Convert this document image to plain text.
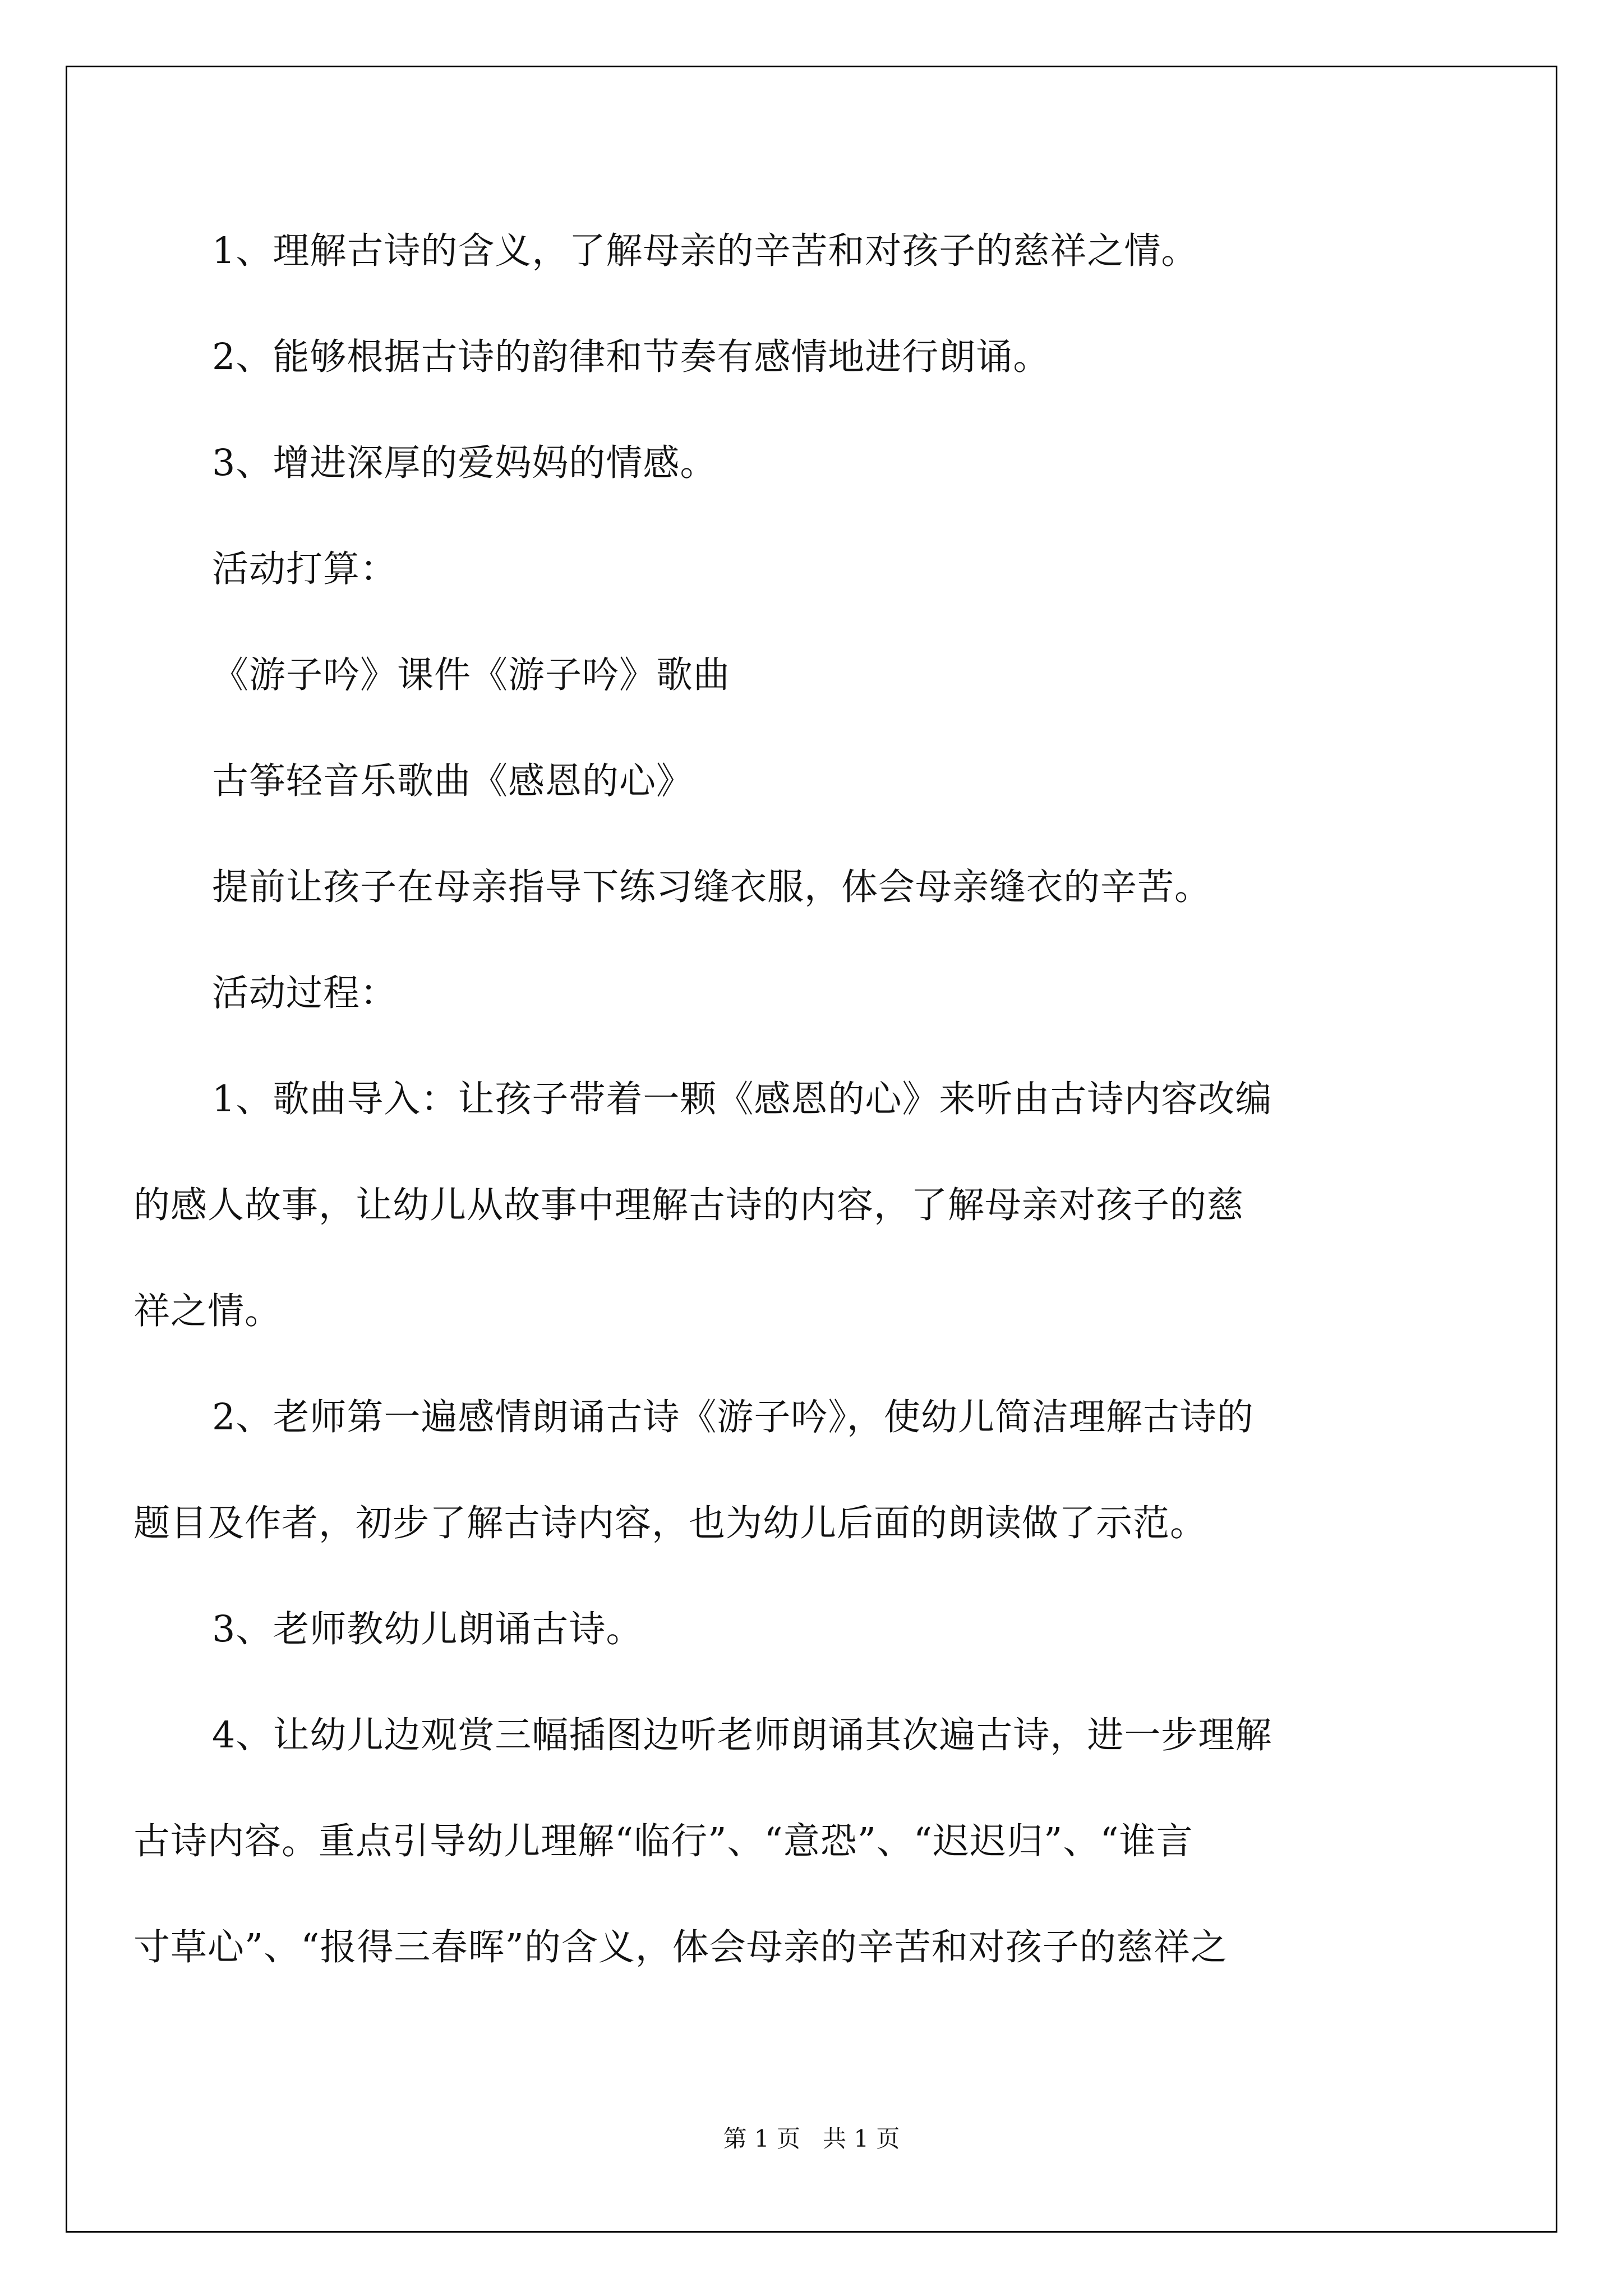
1、理解古诗的含义，了解母亲的辛苦和对孩子的慈祥之情。
2、能够根据古诗的韵律和节奏有感情地进行朗诵。
3、增进深厚的爱妈妈的情感。
活动打算：
《游子吟》课件《游子吟》歌曲
古筝轻音乐歌曲《感恩的心》
提前让孩子在母亲指导下练习缝衣服，体会母亲缝衣的辛苦。
活动过程：
1、歌曲导入：让孩子带着一颗《感恩的心》来听由古诗内容改编
的感人故事，让幼儿从故事中理解古诗的内容，了解母亲对孩子的慈
祥之情。
2、老师第一遍感情朗诵古诗《游子吟》，使幼儿简洁理解古诗的
题目及作者，初步了解古诗内容，也为幼儿后面的朗读做了示范。
3、老师教幼儿朗诵古诗。
4、让幼儿边观赏三幅插图边听老师朗诵其次遍古诗，进一步理解
古诗内容。重点引导幼儿理解“临行”、“意恐”、“迟迟归”、“谁言
寸草心”、“报得三春晖”的含义，体会母亲的辛苦和对孩子的慈祥之
第 1 页 共 1 页
